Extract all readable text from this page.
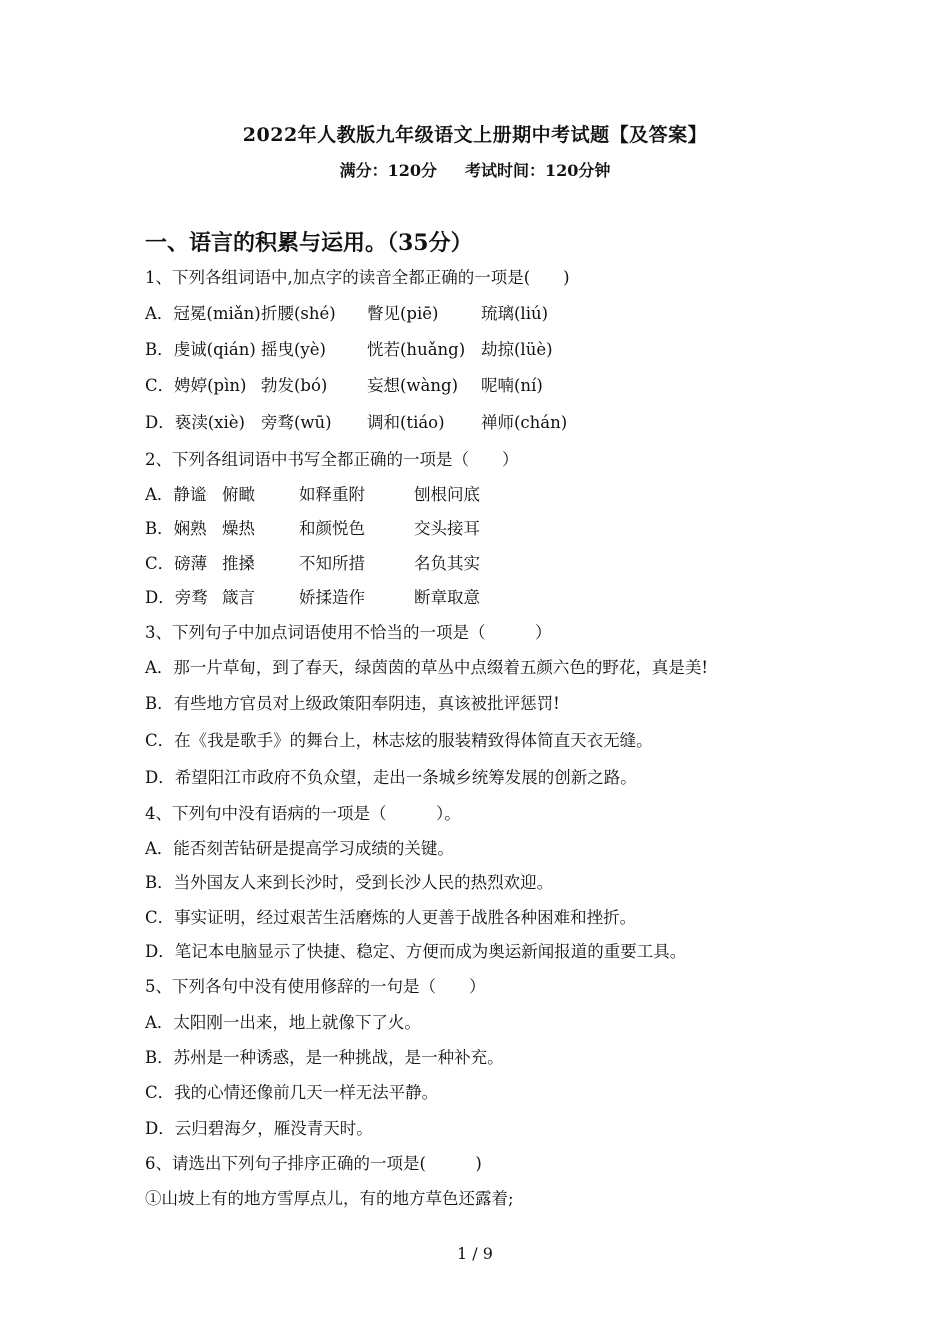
2022年人教版九年级语文上册期中考试题【及答案】
满分：120分 考试时间：120分钟
一、语言的积累与运用。（35分）
1、下列各组词语中,加点字的读音全都正确的一项是(　　)
A．冠冕(miǎn)折腰(shé) 瞥见(piē)	琉璃(liú)
B．虔诚(qián) 摇曳(yè) 恍若(huǎng) 劫掠(lüè)
C．娉婷(pìn) 勃发(bó) 妄想(wàng) 呢喃(ní)
D．亵渎(xiè) 旁骛(wū) 调和(tiáo) 禅师(chán)
2、下列各组词语中书写全都正确的一项是（　　）
A．静谧 俯瞰	如释重附	刨根问底
B．娴熟 燥热	和颜悦色	交头接耳
C．磅薄 推搡	不知所措	名负其实
D．旁骛 箴言	娇揉造作	断章取意
3、下列句子中加点词语使用不恰当的一项是（　　　）
A．那一片草甸，到了春天，绿茵茵的草丛中点缀着五颜六色的野花，真是美!
B．有些地方官员对上级政策阳奉阴违，真该被批评惩罚!
C．在《我是歌手》的舞台上，林志炫的服装精致得体简直天衣无缝。
D．希望阳江市政府不负众望，走出一条城乡统筹发展的创新之路。
4、下列句中没有语病的一项是（　　　）。
A．能否刻苦钻研是提高学习成绩的关键。
B．当外国友人来到长沙时，受到长沙人民的热烈欢迎。
C．事实证明，经过艰苦生活磨炼的人更善于战胜各种困难和挫折。
D．笔记本电脑显示了快捷、稳定、方便而成为奥运新闻报道的重要工具。
5、下列各句中没有使用修辞的一句是（　　）
A．太阳刚一出来，地上就像下了火。
B．苏州是一种诱惑，是一种挑战，是一种补充。
C．我的心情还像前几天一样无法平静。
D．云归碧海夕，雁没青天时。
6、请选出下列句子排序正确的一项是(　　　)
①山坡上有的地方雪厚点儿，有的地方草色还露着;
1 / 9
